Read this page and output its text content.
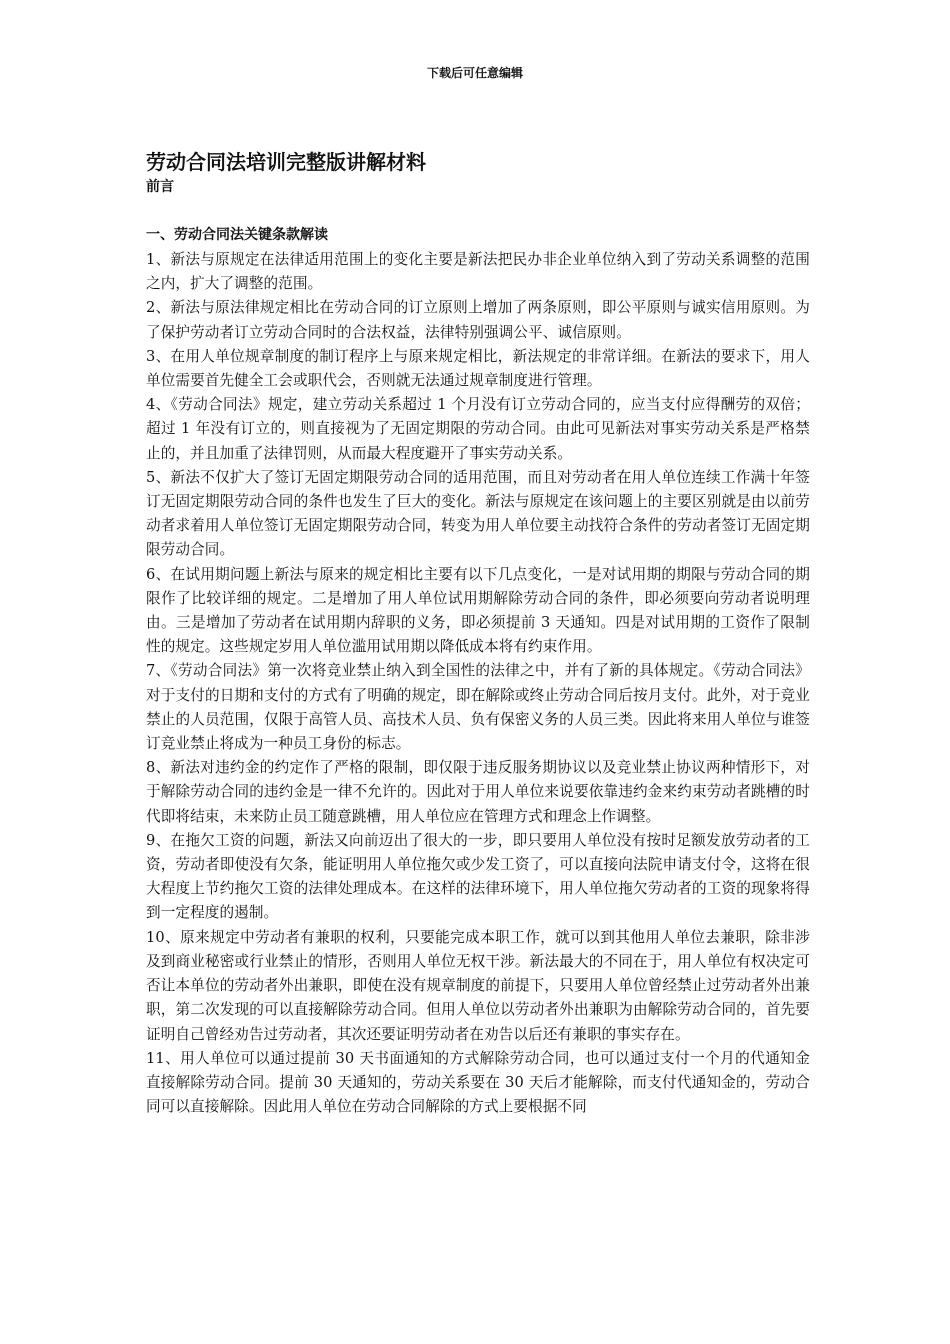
下载后可任意编辑
劳动合同法培训完整版讲解材料
前言
一、劳动合同法关键条款解读

1、新法与原规定在法律适用范围上的变化主要是新法把民办非企业单位纳入到了劳动关系调整的范围之内，扩大了调整的范围。

2、新法与原法律规定相比在劳动合同的订立原则上增加了两条原则，即公平原则与诚实信用原则。为了保护劳动者订立劳动合同时的合法权益，法律特别强调公平、诚信原则。

3、在用人单位规章制度的制订程序上与原来规定相比，新法规定的非常详细。在新法的要求下，用人单位需要首先健全工会或职代会，否则就无法通过规章制度进行管理。

4、《劳动合同法》规定，建立劳动关系超过 1 个月没有订立劳动合同的，应当支付应得酬劳的双倍；超过 1 年没有订立的，则直接视为了无固定期限的劳动合同。由此可见新法对事实劳动关系是严格禁止的，并且加重了法律罚则，从而最大程度避开了事实劳动关系。

5、新法不仅扩大了签订无固定期限劳动合同的适用范围，而且对劳动者在用人单位连续工作满十年签订无固定期限劳动合同的条件也发生了巨大的变化。新法与原规定在该问题上的主要区别就是由以前劳动者求着用人单位签订无固定期限劳动合同，转变为用人单位要主动找符合条件的劳动者签订无固定期限劳动合同。

6、在试用期问题上新法与原来的规定相比主要有以下几点变化，一是对试用期的期限与劳动合同的期限作了比较详细的规定。二是增加了用人单位试用期解除劳动合同的条件，即必须要向劳动者说明理由。三是增加了劳动者在试用期内辞职的义务，即必须提前 3 天通知。四是对试用期的工资作了限制性的规定。这些规定岁用人单位滥用试用期以降低成本将有约束作用。

7、《劳动合同法》第一次将竞业禁止纳入到全国性的法律之中，并有了新的具体规定。《劳动合同法》对于支付的日期和支付的方式有了明确的规定，即在解除或终止劳动合同后按月支付。此外，对于竞业禁止的人员范围，仅限于高管人员、高技术人员、负有保密义务的人员三类。因此将来用人单位与谁签订竞业禁止将成为一种员工身份的标志。

8、新法对违约金的约定作了严格的限制，即仅限于违反服务期协议以及竞业禁止协议两种情形下，对于解除劳动合同的违约金是一律不允许的。因此对于用人单位来说要依靠违约金来约束劳动者跳槽的时代即将结束，未来防止员工随意跳槽，用人单位应在管理方式和理念上作调整。

9、在拖欠工资的问题，新法又向前迈出了很大的一步，即只要用人单位没有按时足额发放劳动者的工资，劳动者即使没有欠条，能证明用人单位拖欠或少发工资了，可以直接向法院申请支付令，这将在很大程度上节约拖欠工资的法律处理成本。在这样的法律环境下，用人单位拖欠劳动者的工资的现象将得到一定程度的遏制。

10、原来规定中劳动者有兼职的权利，只要能完成本职工作，就可以到其他用人单位去兼职，除非涉及到商业秘密或行业禁止的情形，否则用人单位无权干涉。新法最大的不同在于，用人单位有权决定可否让本单位的劳动者外出兼职，即使在没有规章制度的前提下，只要用人单位曾经禁止过劳动者外出兼职，第二次发现的可以直接解除劳动合同。但用人单位以劳动者外出兼职为由解除劳动合同的，首先要证明自己曾经劝告过劳动者，其次还要证明劳动者在劝告以后还有兼职的事实存在。

11、用人单位可以通过提前 30 天书面通知的方式解除劳动合同，也可以通过支付一个月的代通知金直接解除劳动合同。提前 30 天通知的，劳动关系要在 30 天后才能解除，而支付代通知金的，劳动合同可以直接解除。因此用人单位在劳动合同解除的方式上要根据不同
